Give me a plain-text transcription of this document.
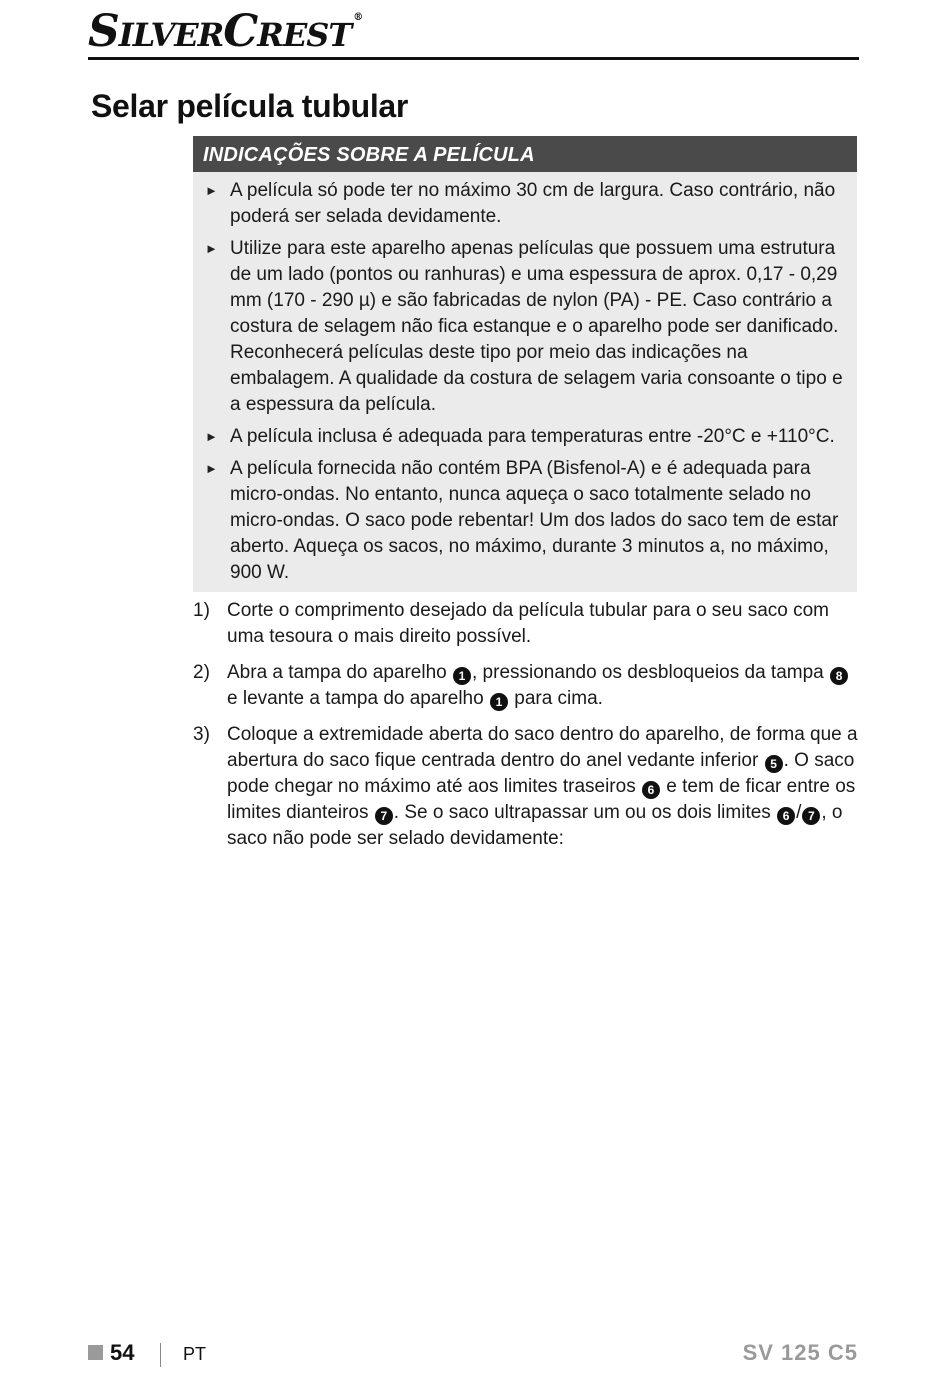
SILVERCREST ®
Selar película tubular
INDICAÇÕES SOBRE A PELÍCULA
► A película só pode ter no máximo 30 cm de largura. Caso contrário, não poderá ser selada devidamente.
► Utilize para este aparelho apenas películas que possuem uma estrutura de um lado (pontos ou ranhuras) e uma espessura de aprox. 0,17 - 0,29 mm (170 - 290 µ) e são fabricadas de nylon (PA) - PE. Caso contrário a costura de selagem não fica estanque e o aparelho pode ser danificado. Reconhecerá películas deste tipo por meio das indicações na embalagem. A qualidade da costura de selagem varia consoante o tipo e a espessura da película.
► A película inclusa é adequada para temperaturas entre -20°C e +110°C.
► A película fornecida não contém BPA (Bisfenol-A) e é adequada para micro-ondas. No entanto, nunca aqueça o saco totalmente selado no micro-ondas. O saco pode rebentar! Um dos lados do saco tem de estar aberto. Aqueça os sacos, no máximo, durante 3 minutos a, no máximo, 900 W.
1) Corte o comprimento desejado da película tubular para o seu saco com uma tesoura o mais direito possível.
2) Abra a tampa do aparelho 1 , pressionando os desbloqueios da tampa 8 e levante a tampa do aparelho 1 para cima.
3) Coloque a extremidade aberta do saco dentro do aparelho, de forma que a abertura do saco fique centrada dentro do anel vedante inferior 5 . O saco pode chegar no máximo até aos limites traseiros 6 e tem de ficar entre os limites dianteiros 7 . Se o saco ultrapassar um ou os dois limites 6 / 7 , o saco não pode ser selado devidamente:
54	PT	SV 125 C5
